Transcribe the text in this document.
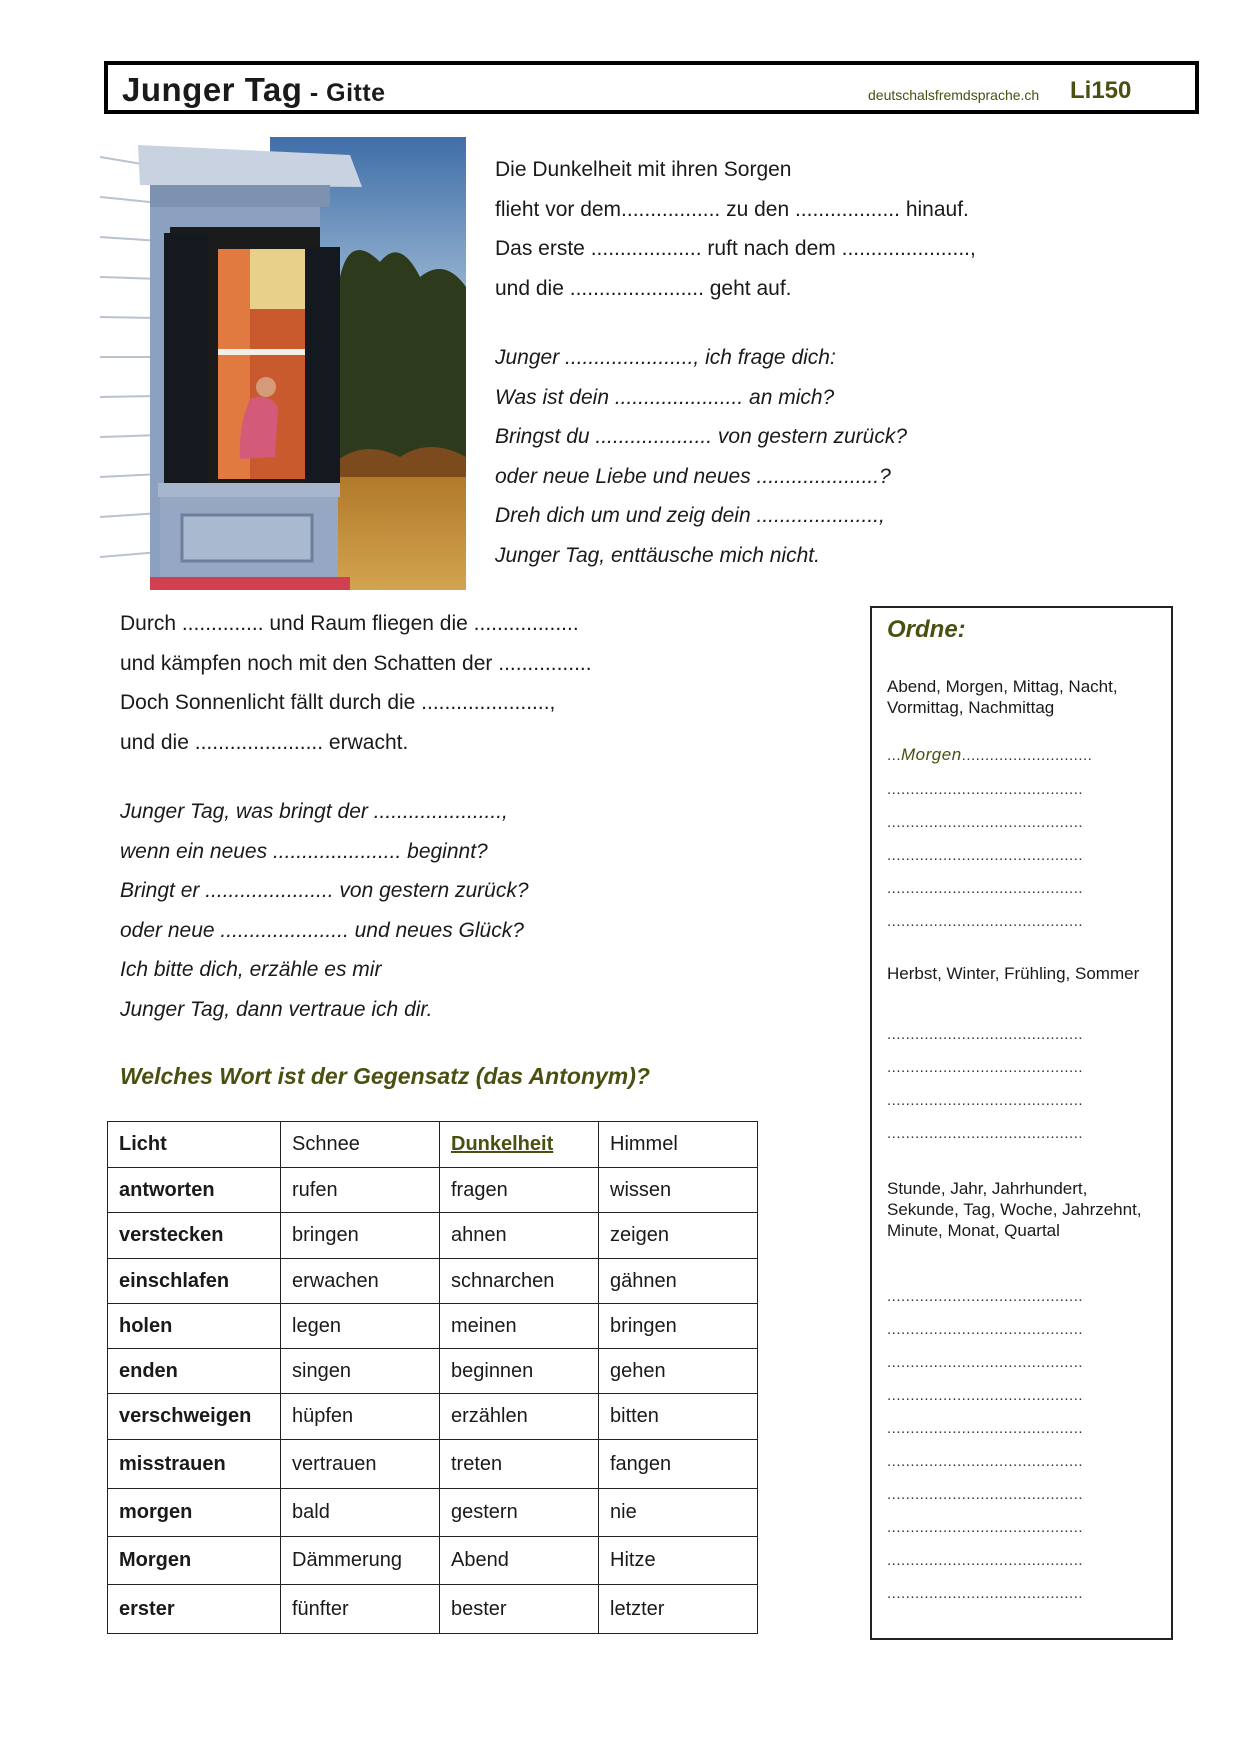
Junger Tag - Gitte	deutschalsfremdsprache.ch Li150
Die Dunkelheit mit ihren Sorgen
flieht vor dem................. zu den .................. hinauf.
Das erste ................... ruft nach dem ......................,
und die ....................... geht auf.
Junger ......................, ich frage dich:
Was ist dein ...................... an mich?
Bringst du .................... von gestern zurück?
oder neue Liebe und neues .....................?
Dreh dich um und zeig dein .....................,
Junger Tag, enttäusche mich nicht.
Durch .............. und Raum fliegen die ..................
und kämpfen noch mit den Schatten der ................
Doch Sonnenlicht fällt durch die ......................,
und die ...................... erwacht.
Junger Tag, was bringt der ......................,
wenn ein neues ...................... beginnt?
Bringt er ...................... von gestern zurück?
oder neue ...................... und neues Glück?
Ich bitte dich, erzähle es mir
Junger Tag, dann vertraue ich dir.
Welches Wort ist der Gegensatz (das Antonym)?
Licht	Schnee	Dunkelheit	Himmel
antworten	rufen	fragen	wissen
verstecken	bringen	ahnen	zeigen
einschlafen	erwachen	schnarchen	gähnen
holen	legen	meinen	bringen
enden	singen	beginnen	gehen
verschweigen	hüpfen	erzählen	bitten
misstrauen	vertrauen	treten	fangen
morgen	bald	gestern	nie
Morgen	Dämmerung	Abend	Hitze
erster	fünfter	bester	letzter
Ordne:
Abend, Morgen, Mittag, Nacht, Vormittag, Nachmittag
...Morgen............................
..........................................
..........................................
..........................................
..........................................
..........................................
Herbst, Winter, Frühling, Sommer
..........................................
..........................................
..........................................
..........................................
Stunde, Jahr, Jahrhundert, Sekunde, Tag, Woche, Jahrzehnt, Minute, Monat, Quartal
..........................................
..........................................
..........................................
..........................................
..........................................
..........................................
..........................................
..........................................
..........................................
..........................................
